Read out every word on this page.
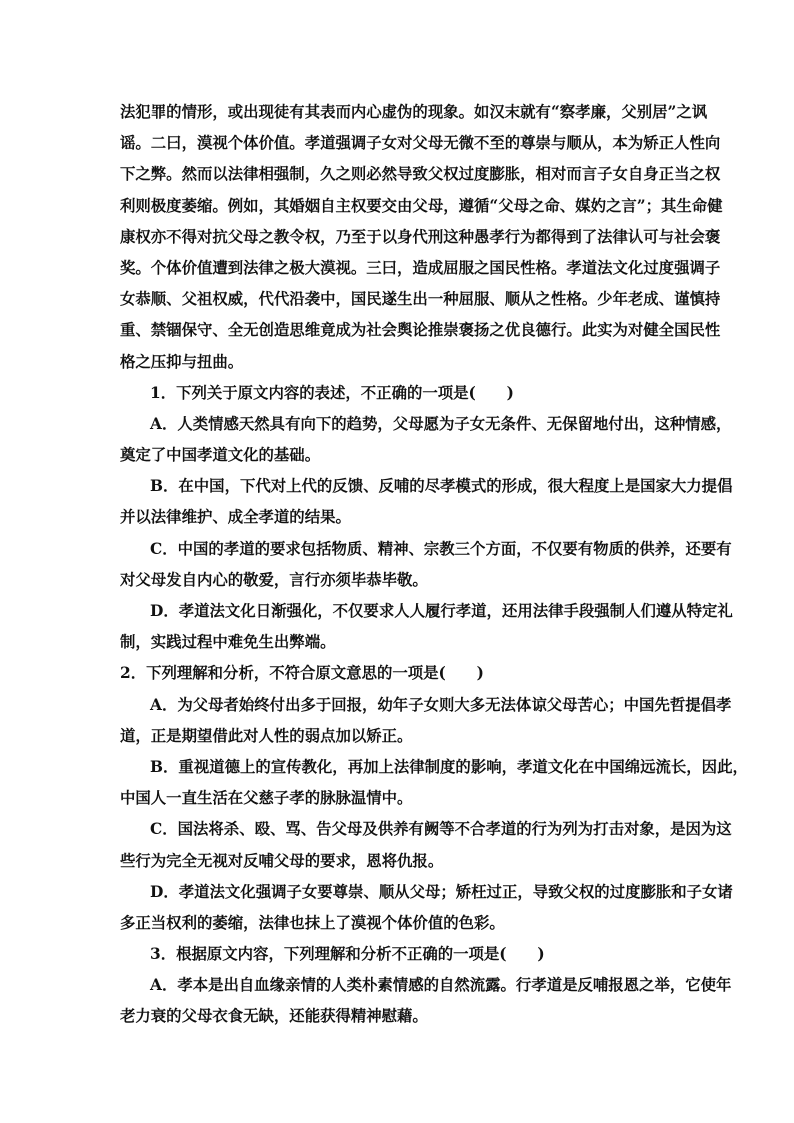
法犯罪的情形，或出现徒有其表而内心虚伪的现象。如汉末就有“察孝廉，父别居”之讽
谣。二曰，漠视个体价值。孝道强调子女对父母无微不至的尊崇与顺从，本为矫正人性向
下之弊。然而以法律相强制，久之则必然导致父权过度膨胀，相对而言子女自身正当之权
利则极度萎缩。例如，其婚姻自主权要交由父母，遵循“父母之命、媒妁之言”；其生命健
康权亦不得对抗父母之教令权，乃至于以身代刑这种愚孝行为都得到了法律认可与社会褒
奖。个体价值遭到法律之极大漠视。三曰，造成屈服之国民性格。孝道法文化过度强调子
女恭顺、父祖权威，代代沿袭中，国民遂生出一种屈服、顺从之性格。少年老成、谨慎持
重、禁锢保守、全无创造思维竟成为社会舆论推崇褒扬之优良德行。此实为对健全国民性
格之压抑与扭曲。
1．下列关于原文内容的表述，不正确的一项是(　　)
A．人类情感天然具有向下的趋势，父母愿为子女无条件、无保留地付出，这种情感，
奠定了中国孝道文化的基础。
B．在中国，下代对上代的反馈、反哺的尽孝模式的形成，很大程度上是国家大力提倡
并以法律维护、成全孝道的结果。
C．中国的孝道的要求包括物质、精神、宗教三个方面，不仅要有物质的供养，还要有
对父母发自内心的敬爱，言行亦须毕恭毕敬。
D．孝道法文化日渐强化，不仅要求人人履行孝道，还用法律手段强制人们遵从特定礼
制，实践过程中难免生出弊端。
2．下列理解和分析，不符合原文意思的一项是(　　)
A．为父母者始终付出多于回报，幼年子女则大多无法体谅父母苦心；中国先哲提倡孝
道，正是期望借此对人性的弱点加以矫正。
B．重视道德上的宣传教化，再加上法律制度的影响，孝道文化在中国绵远流长，因此，
中国人一直生活在父慈子孝的脉脉温情中。
C．国法将杀、殴、骂、告父母及供养有阙等不合孝道的行为列为打击对象，是因为这
些行为完全无视对反哺父母的要求，恩将仇报。
D．孝道法文化强调子女要尊崇、顺从父母；矫枉过正，导致父权的过度膨胀和子女诸
多正当权利的萎缩，法律也抹上了漠视个体价值的色彩。
3．根据原文内容，下列理解和分析不正确的一项是(　　)
A．孝本是出自血缘亲情的人类朴素情感的自然流露。行孝道是反哺报恩之举，它使年
老力衰的父母衣食无缺，还能获得精神慰藉。
